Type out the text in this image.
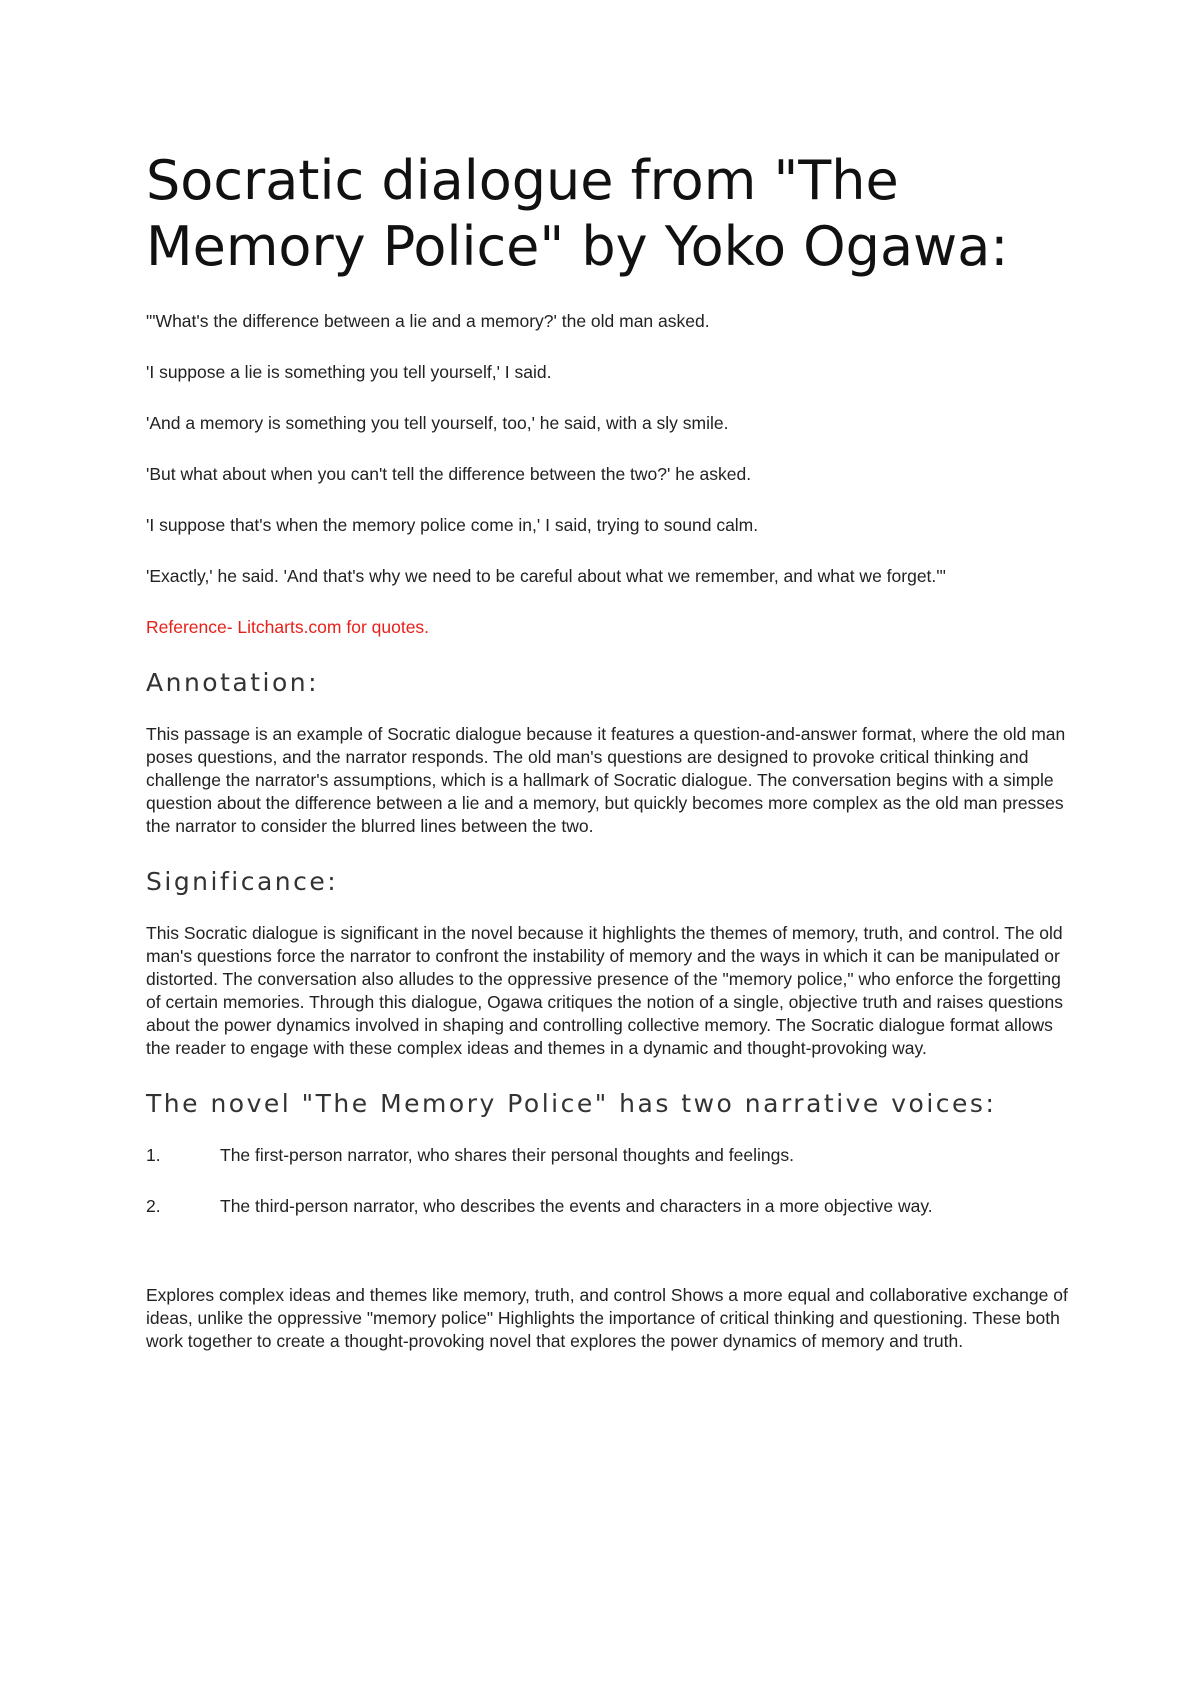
Socratic dialogue from "The Memory Police" by Yoko Ogawa:

"'What's the difference between a lie and a memory?' the old man asked.

'I suppose a lie is something you tell yourself,' I said.

'And a memory is something you tell yourself, too,' he said, with a sly smile.

'But what about when you can't tell the difference between the two?' he asked.

'I suppose that's when the memory police come in,' I said, trying to sound calm.

'Exactly,' he said. 'And that's why we need to be careful about what we remember, and what we forget.'"

Reference- Litcharts.com for quotes.

Annotation:

This passage is an example of Socratic dialogue because it features a question-and-answer format, where the old man poses questions, and the narrator responds. The old man's questions are designed to provoke critical thinking and challenge the narrator's assumptions, which is a hallmark of Socratic dialogue. The conversation begins with a simple question about the difference between a lie and a memory, but quickly becomes more complex as the old man presses the narrator to consider the blurred lines between the two.

Significance:

This Socratic dialogue is significant in the novel because it highlights the themes of memory, truth, and control. The old man's questions force the narrator to confront the instability of memory and the ways in which it can be manipulated or distorted. The conversation also alludes to the oppressive presence of the "memory police," who enforce the forgetting of certain memories. Through this dialogue, Ogawa critiques the notion of a single, objective truth and raises questions about the power dynamics involved in shaping and controlling collective memory. The Socratic dialogue format allows the reader to engage with these complex ideas and themes in a dynamic and thought-provoking way.

The novel "The Memory Police" has two narrative voices:
1.	The first-person narrator, who shares their personal thoughts and feelings.
2.	The third-person narrator, who describes the events and characters in a more objective way.

Explores complex ideas and themes like memory, truth, and control Shows a more equal and collaborative exchange of ideas, unlike the oppressive "memory police" Highlights the importance of critical thinking and questioning. These both work together to create a thought-provoking novel that explores the power dynamics of memory and truth.
